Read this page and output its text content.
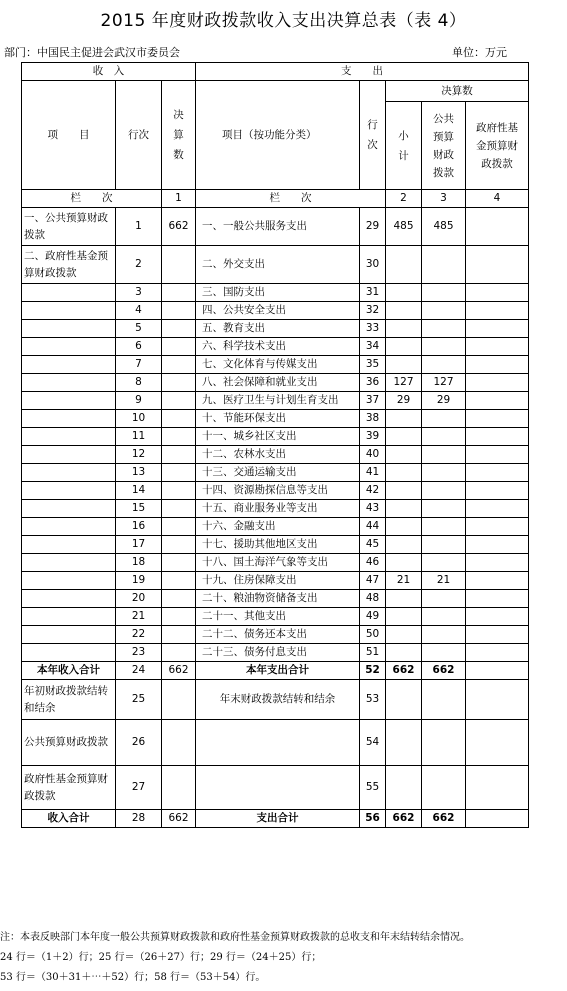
2015 年度财政拨款收入支出决算总表（表 4）
部门：中国民主促进会武汉市委员会	单位：万元
收　入			支　　出				
项　　目	行次	决算数	项目（按功能分类）	行次	决算数		
					小计	公共预算财政拨款	政府性基金预算财政拨款
栏　　次		1	栏　　次		2	3	4
一、公共预算财政拨款	1	662	一、一般公共服务支出	29	485	485	
二、政府性基金预算财政拨款	2		二、外交支出	30			
	3		三、国防支出	31			
	4		四、公共安全支出	32			
	5		五、教育支出	33			
	6		六、科学技术支出	34			
	7		七、文化体育与传媒支出	35			
	8		八、社会保障和就业支出	36	127	127	
	9		九、医疗卫生与计划生育支出	37	29	29	
	10		十、节能环保支出	38			
	11		十一、城乡社区支出	39			
	12		十二、农林水支出	40			
	13		十三、交通运输支出	41			
	14		十四、资源勘探信息等支出	42			
	15		十五、商业服务业等支出	43			
	16		十六、金融支出	44			
	17		十七、援助其他地区支出	45			
	18		十八、国土海洋气象等支出	46			
	19		十九、住房保障支出	47	21	21	
	20		二十、粮油物资储备支出	48			
	21		二十一、其他支出	49			
	22		二十二、债务还本支出	50			
	23		二十三、债务付息支出	51			
本年收入合计	24	662	本年支出合计	52	662	662	
年初财政拨款结转和结余	25		年末财政拨款结转和结余	53			
公共预算财政拨款	26			54			
政府性基金预算财政拨款	27			55			
收入合计	28	662	支出合计	56	662	662	
注：本表反映部门本年度一般公共预算财政拨款和政府性基金预算财政拨款的总收支和年末结转结余情况。
24 行＝（1＋2）行；25 行＝（26＋27）行；29 行＝（24＋25）行；
53 行＝（30＋31＋⋯＋52）行；58 行＝（53＋54）行。
